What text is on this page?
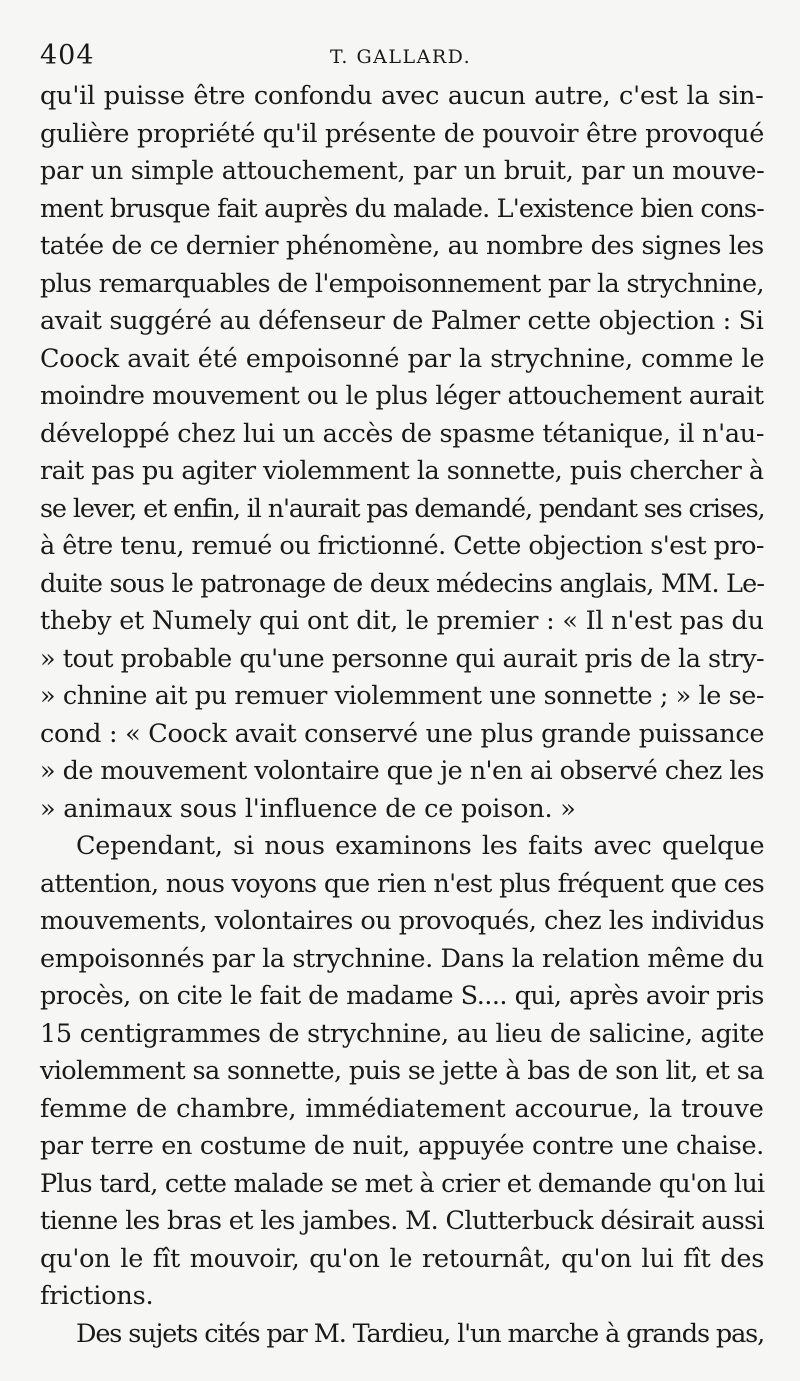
404	T. GALLARD.
qu'il puisse être confondu avec aucun autre, c'est la sin-
gulière propriété qu'il présente de pouvoir être provoqué
par un simple attouchement, par un bruit, par un mouve-
ment brusque fait auprès du malade. L'existence bien cons-
tatée de ce dernier phénomène, au nombre des signes les
plus remarquables de l'empoisonnement par la strychnine,
avait suggéré au défenseur de Palmer cette objection : Si
Coock avait été empoisonné par la strychnine, comme le
moindre mouvement ou le plus léger attouchement aurait
développé chez lui un accès de spasme tétanique, il n'au-
rait pas pu agiter violemment la sonnette, puis chercher à
se lever, et enfin, il n'aurait pas demandé, pendant ses crises,
à être tenu, remué ou frictionné. Cette objection s'est pro-
duite sous le patronage de deux médecins anglais, MM. Le-
theby et Numely qui ont dit, le premier : « Il n'est pas du
» tout probable qu'une personne qui aurait pris de la stry-
» chnine ait pu remuer violemment une sonnette ; » le se-
cond : « Coock avait conservé une plus grande puissance
» de mouvement volontaire que je n'en ai observé chez les
» animaux sous l'influence de ce poison. »
Cependant, si nous examinons les faits avec quelque
attention, nous voyons que rien n'est plus fréquent que ces
mouvements, volontaires ou provoqués, chez les individus
empoisonnés par la strychnine. Dans la relation même du
procès, on cite le fait de madame S.... qui, après avoir pris
15 centigrammes de strychnine, au lieu de salicine, agite
violemment sa sonnette, puis se jette à bas de son lit, et sa
femme de chambre, immédiatement accourue, la trouve
par terre en costume de nuit, appuyée contre une chaise.
Plus tard, cette malade se met à crier et demande qu'on lui
tienne les bras et les jambes. M. Clutterbuck désirait aussi
qu'on le fît mouvoir, qu'on le retournât, qu'on lui fît des
frictions.
Des sujets cités par M. Tardieu, l'un marche à grands pas,
